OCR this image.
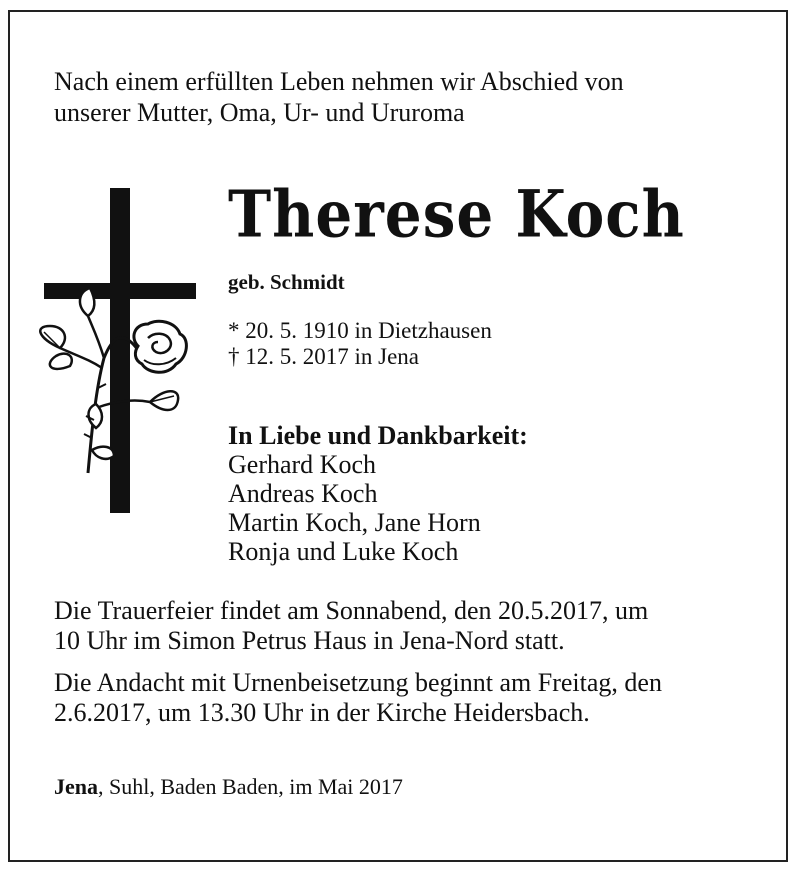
Nach einem erfüllten Leben nehmen wir Abschied von

unserer Mutter, Oma, Ur- und Ururoma

Therese Koch

geb. Schmidt

* 20. 5. 1910 in Dietzhausen

† 12. 5. 2017 in Jena

In Liebe und Dankbarkeit:

Gerhard Koch

Andreas Koch

Martin Koch, Jane Horn

Ronja und Luke Koch

Die Trauerfeier findet am Sonnabend, den 20.5.2017, um

10 Uhr im Simon Petrus Haus in Jena-Nord statt.

Die Andacht mit Urnenbeisetzung beginnt am Freitag, den

2.6.2017, um 13.30 Uhr in der Kirche Heidersbach.

Jena, Suhl, Baden Baden, im Mai 2017
